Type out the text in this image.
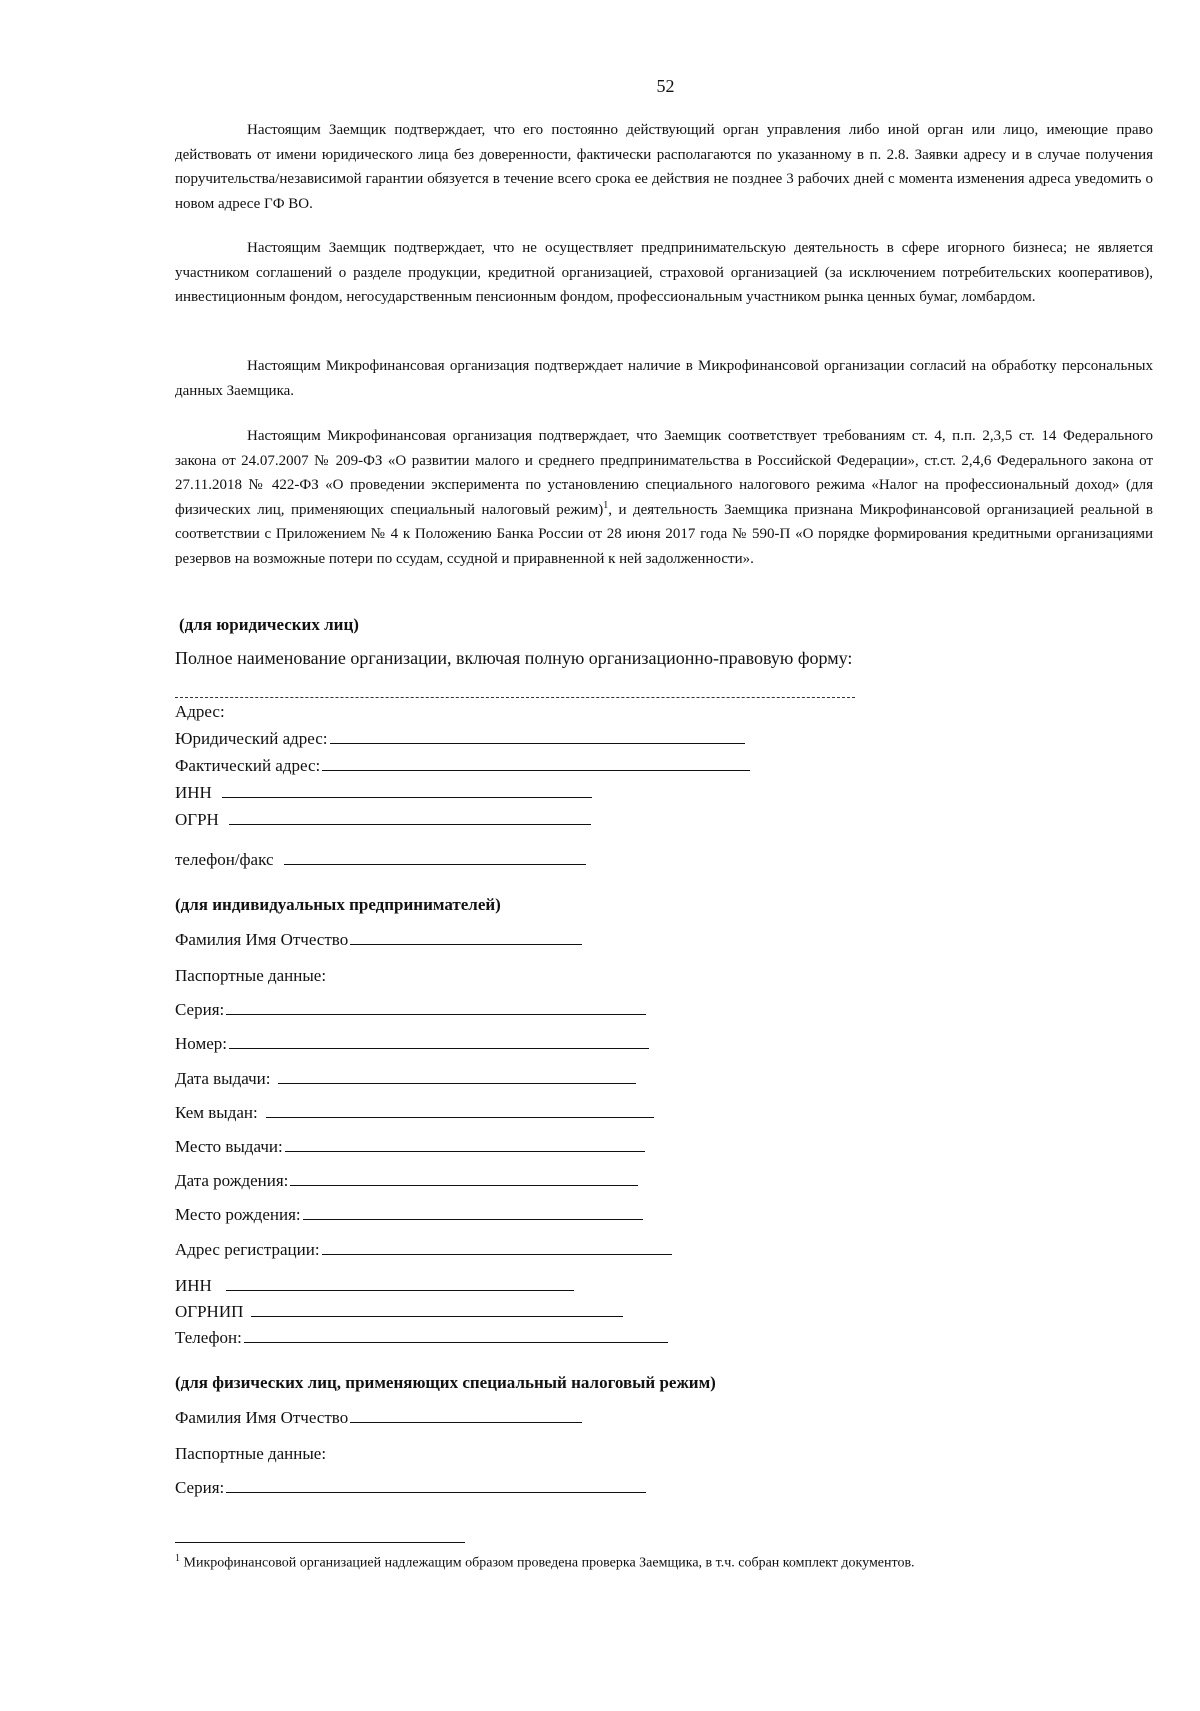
52

Настоящим Заемщик подтверждает, что его постоянно действующий орган управления либо иной орган или лицо, имеющие право действовать от имени юридического лица без доверенности, фактически располагаются по указанному в п. 2.8. Заявки адресу и в случае получения поручительства/независимой гарантии обязуется в течение всего срока ее действия не позднее 3 рабочих дней с момента изменения адреса уведомить о новом адресе ГФ ВО.

Настоящим Заемщик подтверждает, что не осуществляет предпринимательскую деятельность в сфере игорного бизнеса; не является участником соглашений о разделе продукции, кредитной организацией, страховой организацией (за исключением потребительских кооперативов), инвестиционным фондом, негосударственным пенсионным фондом, профессиональным участником рынка ценных бумаг, ломбардом.

Настоящим Микрофинансовая организация подтверждает наличие в Микрофинансовой организации согласий на обработку персональных данных Заемщика.

Настоящим Микрофинансовая организация подтверждает, что Заемщик соответствует требованиям ст. 4, п.п. 2,3,5 ст. 14 Федерального закона от 24.07.2007 № 209-ФЗ «О развитии малого и среднего предпринимательства в Российской Федерации», ст.ст. 2,4,6 Федерального закона от 27.11.2018 № 422-ФЗ «О проведении эксперимента по установлению специального налогового режима «Налог на профессиональный доход» (для физических лиц, применяющих специальный налоговый режим)$^1$, и деятельность Заемщика признана Микрофинансовой организацией реальной в соответствии с Приложением № 4 к Положению Банка России от 28 июня 2017 года № 590-П «О порядке формирования кредитными организациями резервов на возможные потери по ссудам, ссудной и приравненной к ней задолженности».

(для юридических лиц)

Полное наименование организации, включая полную организационно-правовую форму:

Адрес:

Юридический адрес:

Фактический адрес:

ИНН

ОГРН

телефон/факс

(для индивидуальных предпринимателей)

Фамилия Имя Отчество

Паспортные данные:

Серия:

Номер:

Дата выдачи:

Кем выдан:

Место выдачи:

Дата рождения:

Место рождения:

Адрес регистрации:

ИНН

ОГРНИП

Телефон:

(для физических лиц, применяющих специальный налоговый режим)

Фамилия Имя Отчество

Паспортные данные:

Серия:

$^1$ Микрофинансовой организацией надлежащим образом проведена проверка Заемщика, в т.ч. собран комплект документов.
